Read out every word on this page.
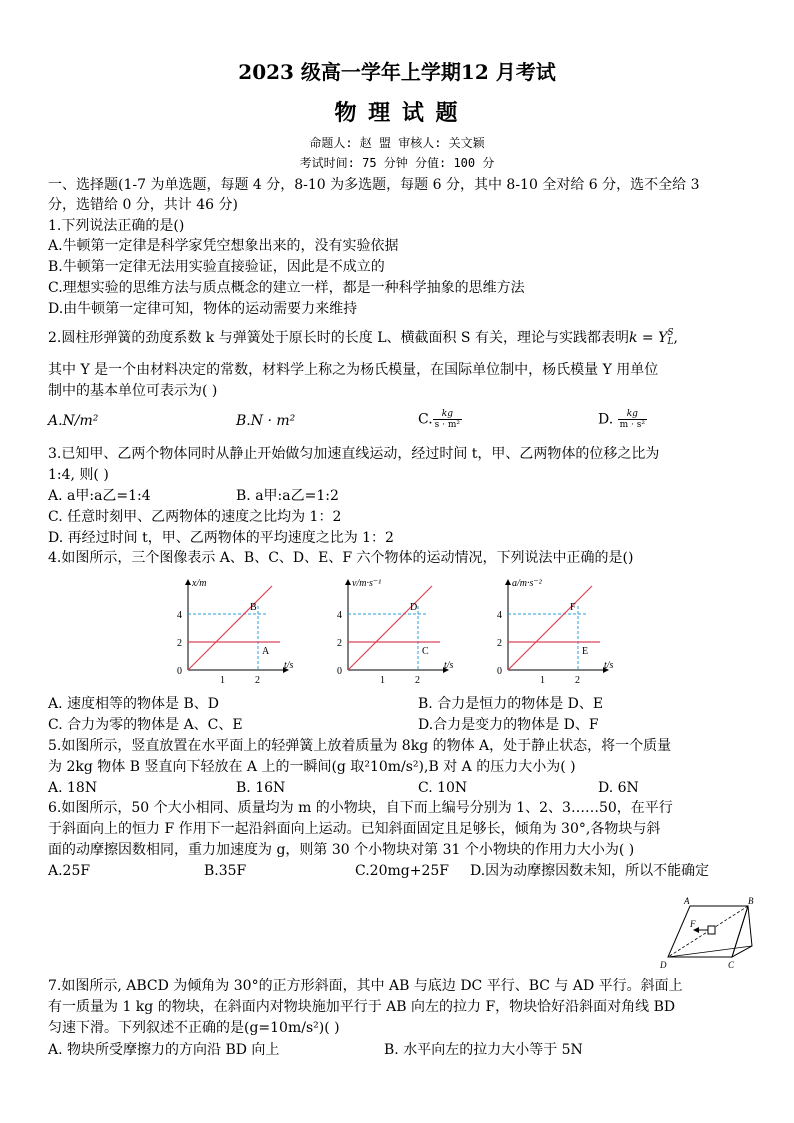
2023 级高一学年上学期12 月考试
物 理 试 题
命题人: 赵 盟 审核人: 关文颖
考试时间: 75 分钟 分值: 100 分
一、选择题(1-7 为单选题，每题 4 分，8-10 为多选题，每题 6 分，其中 8-10 全对给 6 分，选不全给 3
分，选错给 0 分，共计 46 分)
1.下列说法正确的是()
A.牛顿第一定律是科学家凭空想象出来的，没有实验依据
B.牛顿第一定律无法用实验直接验证，因此是不成立的
C.理想实验的思维方法与质点概念的建立一样，都是一种科学抽象的思维方法
D.由牛顿第一定律可知，物体的运动需要力来维持
2.圆柱形弹簧的劲度系数 k 与弹簧处于原长时的长度 L、横截面积 S 有关，理论与实践都表明k = Y S
L ,
其中 Y 是一个由材料决定的常数，材料学上称之为杨氏模量，在国际单位制中，杨氏模量 Y 用单位
制中的基本单位可表示为( )
A.N/m²	B.N · m²	C. $\frac{kg}{\text{s · m²}}$	D. $\frac{kg}{\text{m · s²}}$
3.已知甲、乙两个物体同时从静止开始做匀加速直线运动，经过时间 t，甲、乙两物体的位移之比为
1:4, 则( )
A. a甲:a乙=1:4	B. a甲:a乙=1:2
C. 任意时刻甲、乙两物体的速度之比均为 1：2
D. 再经过时间 t，甲、乙两物体的平均速度之比为 1：2
4.如图所示，三个图像表示 A、B、C、D、E、F 六个物体的运动情况，下列说法中正确的是()
4
2
0
1	2
x/m
t/s
B
A
4
2
0
1	2
v/m·s⁻¹
t/s
D
C
4
2
0
1	2
a/m·s⁻²
t/s
F
E
A. 速度相等的物体是 B、D	B. 合力是恒力的物体是 D、E
C. 合力为零的物体是 A、C、E	D.合力是变力的物体是 D、F
5.如图所示，竖直放置在水平面上的轻弹簧上放着质量为 8kg 的物体 A，处于静止状态，将一个质量
为 2kg 物体 B 竖直向下轻放在 A 上的一瞬间(g 取²10m/s²),B 对 A 的压力大小为( )
A. 18N	B. 16N	C. 10N	D. 6N
6.如图所示，50 个大小相同、质量均为 m 的小物块，自下而上编号分别为 1、2、3……50，在平行
于斜面向上的恒力 F 作用下一起沿斜面向上运动。已知斜面固定且足够长，倾角为 30°,各物块与斜
面的动摩擦因数相同，重力加速度为 g，则第 30 个小物块对第 31 个小物块的作用力大小为( )
A.25F	B.35F	C.20mg+25F D.因为动摩擦因数未知，所以不能确定
F
A	B
C
D
7.如图所示, ABCD 为倾角为 30°的正方形斜面，其中 AB 与底边 DC 平行、BC 与 AD 平行。斜面上
有一质量为 1 kg 的物块，在斜面内对物块施加平行于 AB 向左的拉力 F，物块恰好沿斜面对角线 BD
匀速下滑。下列叙述不正确的是(g=10m/s²)( )
A. 物块所受摩擦力的方向沿 BD 向上	B. 水平向左的拉力大小等于 5N
